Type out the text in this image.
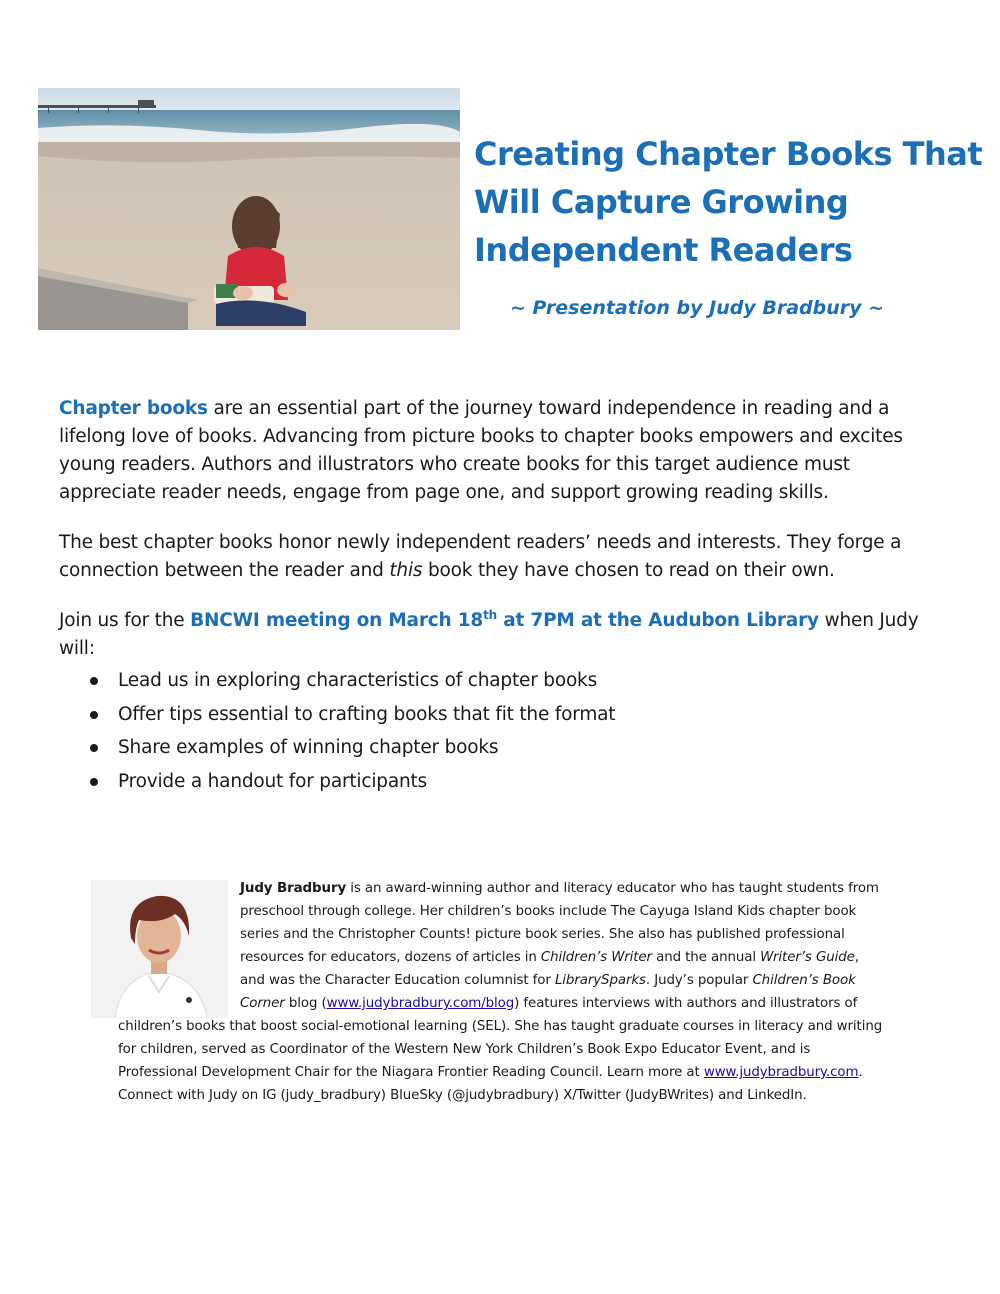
Creating Chapter Books That Will Capture Growing Independent Readers

~ Presentation by Judy Bradbury ~

Chapter books are an essential part of the journey toward independence in reading and a lifelong love of books. Advancing from picture books to chapter books empowers and excites young readers. Authors and illustrators who create books for this target audience must appreciate reader needs, engage from page one, and support growing reading skills.

The best chapter books honor newly independent readers’ needs and interests. They forge a connection between the reader and this book they have chosen to read on their own.

Join us for the BNCWI meeting on March 18th at 7PM at the Audubon Library when Judy will:

Lead us in exploring characteristics of chapter books
Offer tips essential to crafting books that fit the format
Share examples of winning chapter books
Provide a handout for participants

Judy Bradbury is an award-winning author and literacy educator who has taught students from

preschool through college. Her children’s books include The Cayuga Island Kids chapter book

series and the Christopher Counts! picture book series. She also has published professional

resources for educators, dozens of articles in Children’s Writer and the annual Writer’s Guide,

and was the Character Education columnist for LibrarySparks. Judy’s popular Children’s Book

Corner blog (www.judybradbury.com/blog) features interviews with authors and illustrators of

children’s books that boost social-emotional learning (SEL). She has taught graduate courses in literacy and writing

for children, served as Coordinator of the Western New York Children’s Book Expo Educator Event, and is

Professional Development Chair for the Niagara Frontier Reading Council. Learn more at www.judybradbury.com.

Connect with Judy on IG (judy_bradbury) BlueSky (@judybradbury) X/Twitter (JudyBWrites) and LinkedIn.
